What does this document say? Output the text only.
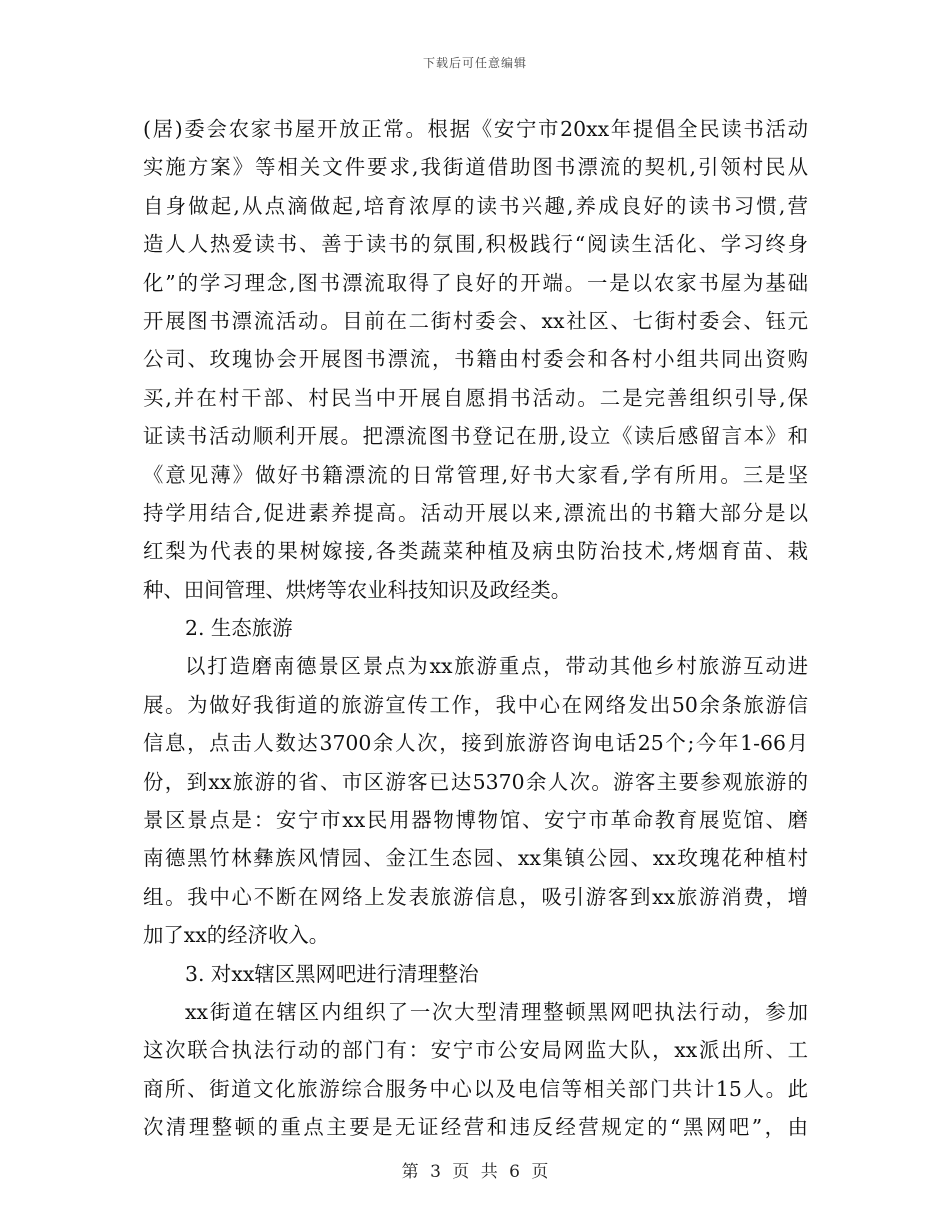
下载后可任意编辑
(居)委会农家书屋开放正常。根据《安宁市20xx年提倡全民读书活动
实施方案》等相关文件要求,我街道借助图书漂流的契机,引领村民从
自身做起,从点滴做起,培育浓厚的读书兴趣,养成良好的读书习惯,营
造人人热爱读书、善于读书的氛围,积极践行“阅读生活化、学习终身
化”的学习理念,图书漂流取得了良好的开端。一是以农家书屋为基础
开展图书漂流活动。目前在二街村委会、xx社区、七街村委会、钰元
公司、玫瑰协会开展图书漂流，书籍由村委会和各村小组共同出资购
买,并在村干部、村民当中开展自愿捐书活动。二是完善组织引导,保
证读书活动顺利开展。把漂流图书登记在册,设立《读后感留言本》和
《意见薄》做好书籍漂流的日常管理,好书大家看,学有所用。三是坚
持学用结合,促进素养提高。活动开展以来,漂流出的书籍大部分是以
红梨为代表的果树嫁接,各类蔬菜种植及病虫防治技术,烤烟育苗、栽
种、田间管理、烘烤等农业科技知识及政经类。
2. 生态旅游
以打造磨南德景区景点为xx旅游重点，带动其他乡村旅游互动进
展。为做好我街道的旅游宣传工作，我中心在网络发出50余条旅游信
信息，点击人数达3700余人次，接到旅游咨询电话25个;今年1-66月
份，到xx旅游的省、市区游客已达5370余人次。游客主要参观旅游的
景区景点是：安宁市xx民用器物博物馆、安宁市革命教育展览馆、磨
南德黑竹林彝族风情园、金江生态园、xx集镇公园、xx玫瑰花种植村
组。我中心不断在网络上发表旅游信息，吸引游客到xx旅游消费，增
加了xx的经济收入。
3. 对xx辖区黑网吧进行清理整治
xx街道在辖区内组织了一次大型清理整顿黑网吧执法行动，参加
这次联合执法行动的部门有：安宁市公安局网监大队，xx派出所、工
商所、街道文化旅游综合服务中心以及电信等相关部门共计15人。此
次清理整顿的重点主要是无证经营和违反经营规定的“黑网吧”，由
第 3 页 共 6 页
